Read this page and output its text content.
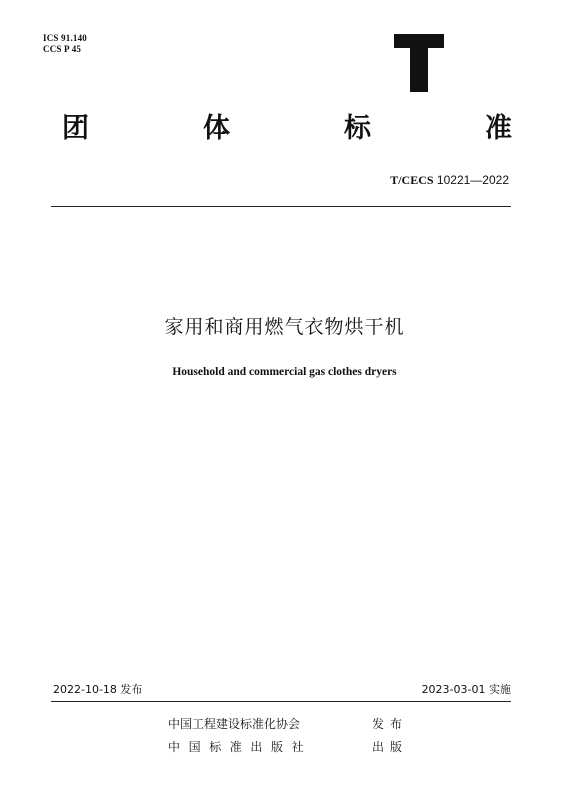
ICS 91.140
CCS P 45
团	体	标	准
T/CECS 10221—2022
家用和商用燃气衣物烘干机
Household and commercial gas clothes dryers
2022-10-18 发布	2023-03-01 实施
中国工程建设标准化协会	发布
中国标准出版社	出版
